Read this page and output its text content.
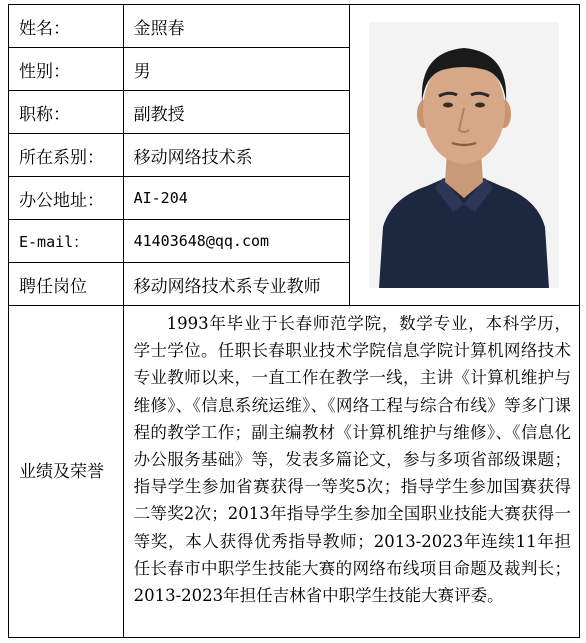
姓名：	金照春	

性别：	男	
职称：	副教授	
所在系别：	移动网络技术系	
办公地址：	AI-204	
E-mail：	41403648@qq.com	
聘任岗位	移动网络技术系专业教师	
业绩及荣誉	1993年毕业于长春师范学院，数学专业，本科学历，学士学位。任职长春职业技术学院信息学院计算机网络技术专业教师以来，一直工作在教学一线，主讲《计算机维护与维修》、《信息系统运维》、《网络工程与综合布线》等多门课程的教学工作；副主编教材《计算机维护与维修》、《信息化办公服务基础》等，发表多篇论文，参与多项省部级课题；指导学生参加省赛获得一等奖5次；指导学生参加国赛获得二等奖2次；2013年指导学生参加全国职业技能大赛获得一等奖，本人获得优秀指导教师；2013-2023年连续11年担任长春市中职学生技能大赛的网络布线项目命题及裁判长；2013-2023年担任吉林省中职学生技能大赛评委。	
